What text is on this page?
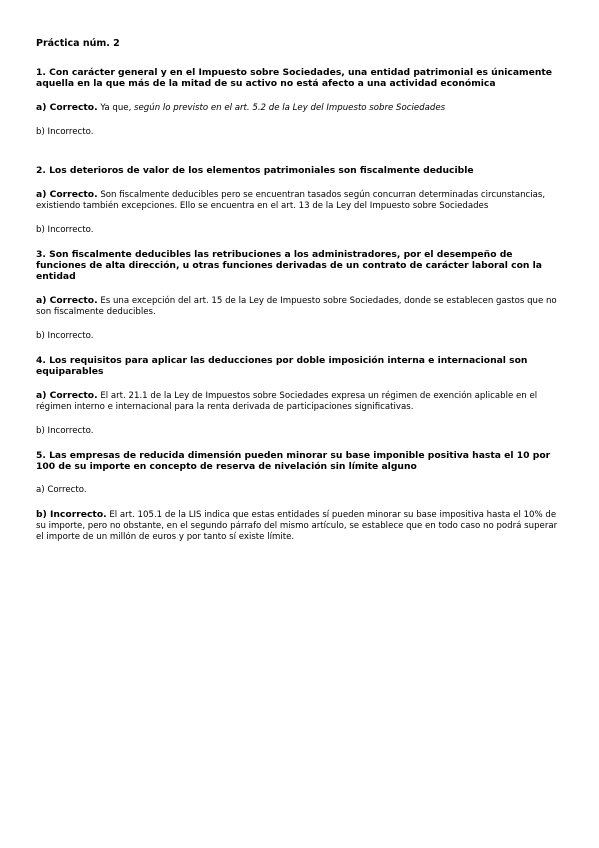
Práctica núm. 2
1. Con carácter general y en el Impuesto sobre Sociedades, una entidad patrimonial es únicamente aquella en la que más de la mitad de su activo no está afecto a una actividad económica
a) Correcto. Ya que, según lo previsto en el art. 5.2 de la Ley del Impuesto sobre Sociedades
b) Incorrecto.
2. Los deterioros de valor de los elementos patrimoniales son fiscalmente deducible
a) Correcto. Son fiscalmente deducibles pero se encuentran tasados según concurran determinadas circunstancias, existiendo también excepciones. Ello se encuentra en el art. 13 de la Ley del Impuesto sobre Sociedades
b) Incorrecto.
3. Son fiscalmente deducibles las retribuciones a los administradores, por el desempeño de funciones de alta dirección, u otras funciones derivadas de un contrato de carácter laboral con la entidad
a) Correcto. Es una excepción del art. 15 de la Ley de Impuesto sobre Sociedades, donde se establecen gastos que no son fiscalmente deducibles.
b) Incorrecto.
4. Los requisitos para aplicar las deducciones por doble imposición interna e internacional son equiparables
a) Correcto. El art. 21.1 de la Ley de Impuestos sobre Sociedades expresa un régimen de exención aplicable en el régimen interno e internacional para la renta derivada de participaciones significativas.
b) Incorrecto.
5. Las empresas de reducida dimensión pueden minorar su base imponible positiva hasta el 10 por 100 de su importe en concepto de reserva de nivelación sin límite alguno
a) Correcto.
b) Incorrecto. El art. 105.1 de la LIS indica que estas entidades sí pueden minorar su base impositiva hasta el 10% de su importe, pero no obstante, en el segundo párrafo del mismo artículo, se establece que en todo caso no podrá superar el importe de un millón de euros y por tanto sí existe límite.
